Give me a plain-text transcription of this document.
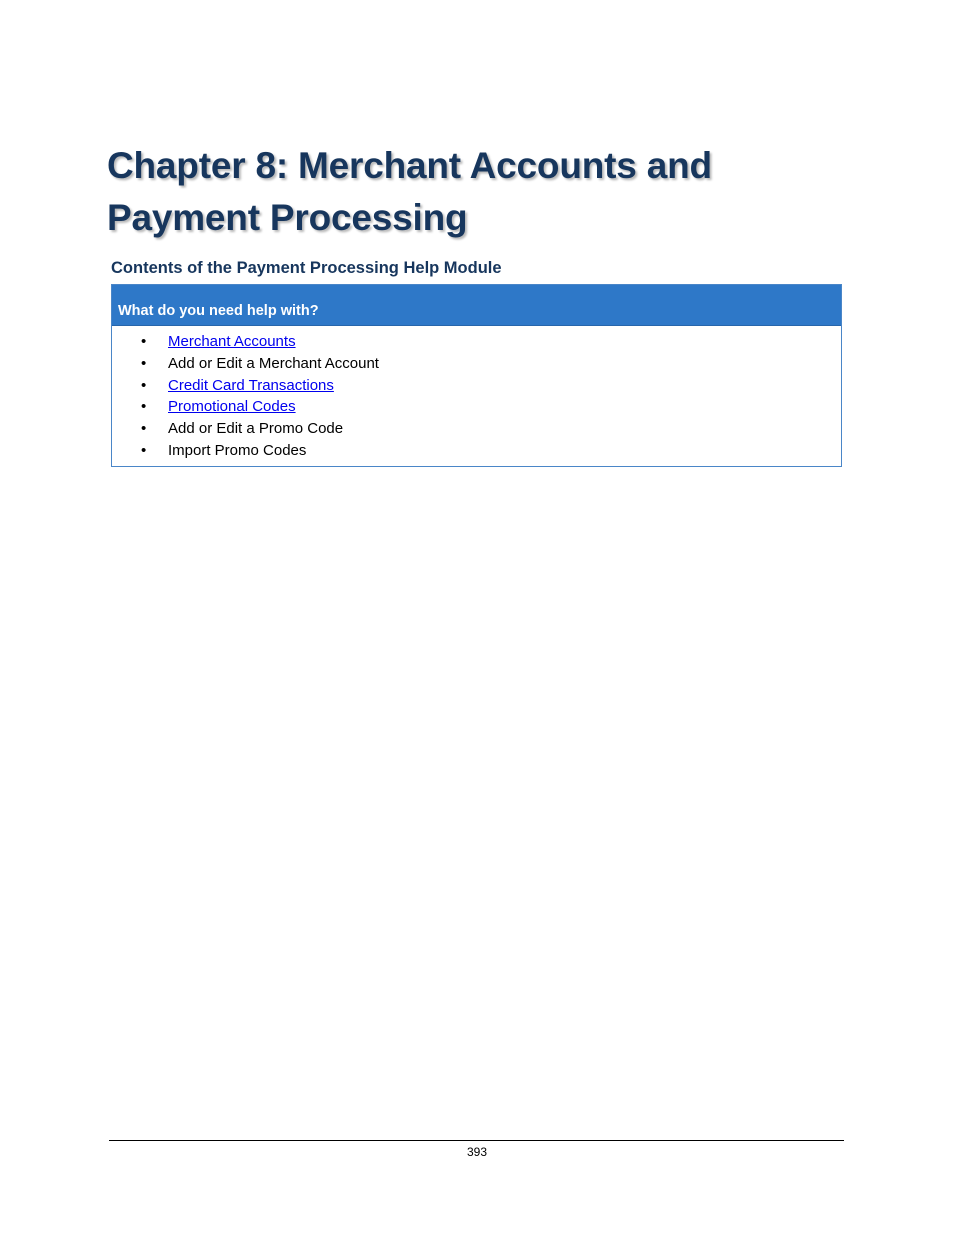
Chapter 8: Merchant Accounts and Payment Processing
Contents of the Payment Processing Help Module
What do you need help with?
• Merchant Accounts
• Add or Edit a Merchant Account
• Credit Card Transactions
• Promotional Codes
• Add or Edit a Promo Code
• Import Promo Codes
393
